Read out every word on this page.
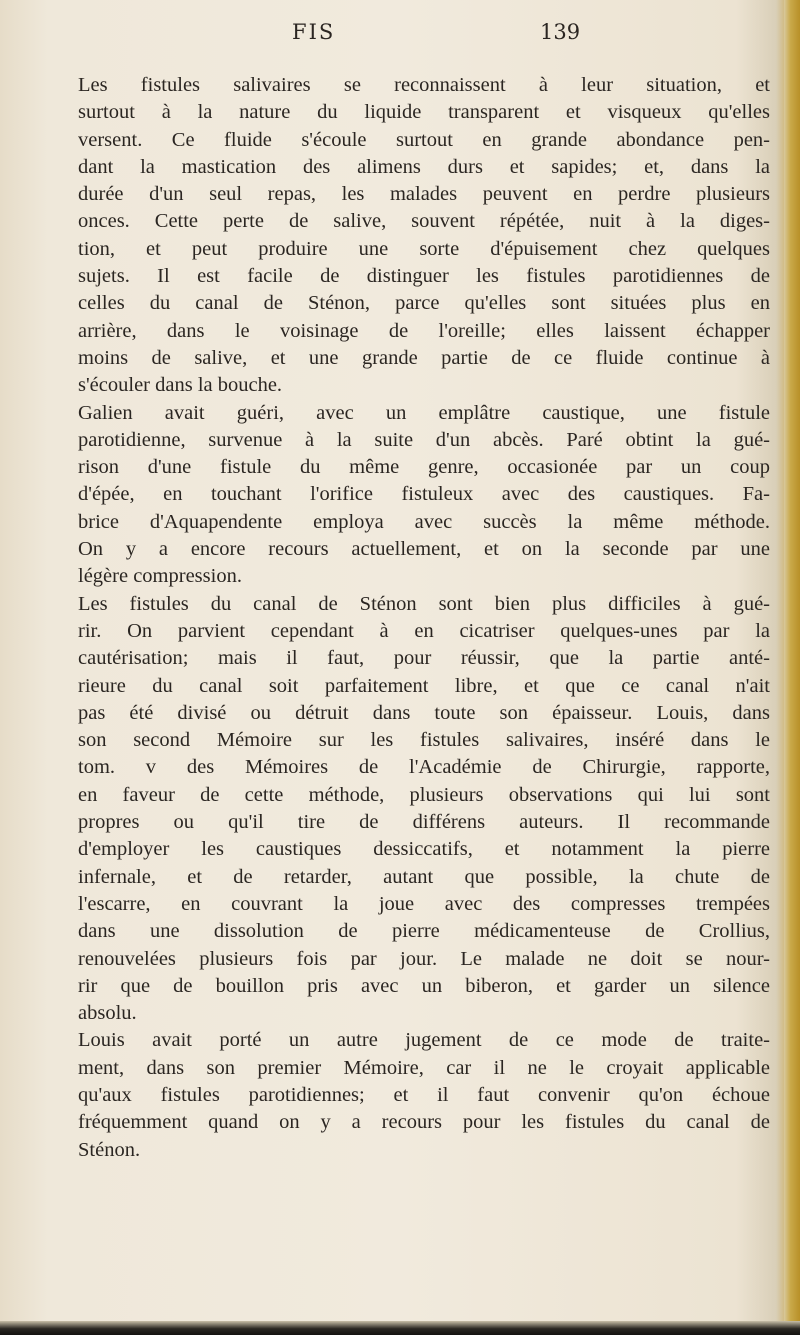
FIS	139

Les fistules salivaires se reconnaissent à leur situation, et
surtout à la nature du liquide transparent et visqueux qu'elles
versent. Ce fluide s'écoule surtout en grande abondance pen-
dant la mastication des alimens durs et sapides; et, dans la
durée d'un seul repas, les malades peuvent en perdre plusieurs
onces. Cette perte de salive, souvent répétée, nuit à la diges-
tion, et peut produire une sorte d'épuisement chez quelques
sujets. Il est facile de distinguer les fistules parotidiennes de
celles du canal de Sténon, parce qu'elles sont situées plus en
arrière, dans le voisinage de l'oreille; elles laissent échapper
moins de salive, et une grande partie de ce fluide continue à
s'écouler dans la bouche.

Galien avait guéri, avec un emplâtre caustique, une fistule
parotidienne, survenue à la suite d'un abcès. Paré obtint la gué-
rison d'une fistule du même genre, occasionée par un coup
d'épée, en touchant l'orifice fistuleux avec des caustiques. Fa-
brice d'Aquapendente employa avec succès la même méthode.
On y a encore recours actuellement, et on la seconde par une
légère compression.

Les fistules du canal de Sténon sont bien plus difficiles à gué-
rir. On parvient cependant à en cicatriser quelques-unes par la
cautérisation; mais il faut, pour réussir, que la partie anté-
rieure du canal soit parfaitement libre, et que ce canal n'ait
pas été divisé ou détruit dans toute son épaisseur. Louis, dans
son second Mémoire sur les fistules salivaires, inséré dans le
tom. v des Mémoires de l'Académie de Chirurgie, rapporte,
en faveur de cette méthode, plusieurs observations qui lui sont
propres ou qu'il tire de différens auteurs. Il recommande
d'employer les caustiques dessiccatifs, et notamment la pierre
infernale, et de retarder, autant que possible, la chute de
l'escarre, en couvrant la joue avec des compresses trempées
dans une dissolution de pierre médicamenteuse de Crollius,
renouvelées plusieurs fois par jour. Le malade ne doit se nour-
rir que de bouillon pris avec un biberon, et garder un silence
absolu.

Louis avait porté un autre jugement de ce mode de traite-
ment, dans son premier Mémoire, car il ne le croyait applicable
qu'aux fistules parotidiennes; et il faut convenir qu'on échoue
fréquemment quand on y a recours pour les fistules du canal de
Sténon.
